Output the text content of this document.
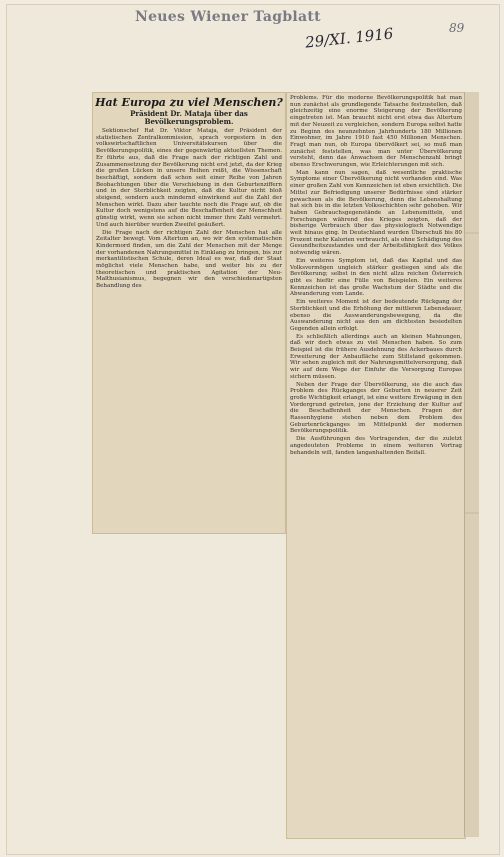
Neues Wiener Tagblatt
29/XI. 1916	89
Hat Europa zu viel Menschen?
Präsident Dr. Mataja über das Bevölkerungsproblem.

Sektionschef Rat Dr. Viktor Mataja, der Präsident der statistischen Zentralkommission, sprach vorgestern in den volkswirtschaftlichen Universitätskursen über die Bevölkerungspolitik, eines der gegenwärtig aktuellsten Themen. Er führte aus, daß die Frage nach der richtigen Zahl und Zusammensetzung der Bevölkerung nicht erst jetzt, da der Krieg die großen Lücken in unsere Reihen reißt, die Wissenschaft beschäftigt, sondern daß schon seit einer Reihe von Jahren Beobachtungen über die Verschiebung in den Geburtenziffern und in der Sterblichkeit zeigten, daß die Kultur nicht bloß steigend, sondern auch mindernd einwirkend auf die Zahl der Menschen wirkt. Dazu aber tauchte noch die Frage auf, ob die Kultur doch wenigstens auf die Beschaffenheit der Menschheit günstig wirkt, wenn sie schon nicht immer ihre Zahl vermehrt. Und auch hierüber wurden Zweifel geäußert.

Die Frage nach der richtigen Zahl der Menschen hat alle Zeitalter bewegt. Vom Altertum an, wo wir den systematischen Kindermord finden, um die Zahl der Menschen mit der Menge der vorhandenen Nahrungsmittel in Einklang zu bringen, bis zur merkantilistischen Schule, deren Ideal es war, daß der Staat möglichst viele Menschen habe, und weiter bis zu der theoretischen und praktischen Agitation der Neu-Malthusianismus, begegnen wir den verschiedenartigsten Behandlung des

Problems. Für die moderne Bevölkerungspolitik hat man nun zunächst als grundlegende Tatsache festzustellen, daß gleichzeitig eine enorme Steigerung der Bevölkerung eingetreten ist. Man braucht nicht erst etwa das Altertum mit der Neuzeit zu vergleichen, sondern Europa selbst hatte zu Beginn des neunzehnten Jahrhunderts 180 Millionen Einwohner, im Jahre 1910 fast 450 Millionen Menschen. Fragt man nun, ob Europa übervölkert sei, so muß man zunächst feststellen, was man unter Übervölkerung versteht, denn das Anwachsen der Menschenzahl bringt ebenso Erschwerungen, wie Erleichterungen mit sich.

Man kann nun sagen, daß wesentliche praktische Symptome einer Übervölkerung nicht vorhanden sind. Was einer großen Zahl von Kennzeichen ist eben ersichtlich. Die Mittel zur Befriedigung unserer Bedürfnisse sind stärker gewachsen als die Bevölkerung, denn die Lebenshaltung hat sich bis in die letzten Volksschichten sehr gehoben. Wir haben Gebrauchsgegenstände an Lebensmitteln, und Forschungen während des Krieges zeigten, daß der bisherige Verbrauch über das physiologisch Notwendige weit hinaus ging. In Deutschland wurden Überschuß bis 80 Prozent mehr Kalorien verbraucht, als ohne Schädigung des Gesundheitszustandes und der Arbeitsfähigkeit des Volkes notwendig wären.

Ein weiteres Symptom ist, daß das Kapital und das Volksvermögen ungleich stärker gestiegen sind als die Bevölkerung; selbst in den nicht allzu reichen Österreich gibt es hiefür eine Fülle von Beispielen. Ein weiteres Kennzeichen ist das große Wachstum der Städte und die Abwanderung vom Lande.

Ein weiteres Moment ist der bedeutende Rückgang der Sterblichkeit und die Erhöhung der mittleren Lebensdauer, ebenso die Auswanderungsbewegung, da die Auswanderung nicht aus den am dichtesten besiedelten Gegenden allein erfolgt.

Es schließlich allerdings auch an kleinen Mahnungen, daß wir doch etwas zu viel Menschen haben. So zum Beispiel ist die frühere Ausdehnung des Ackerbaues durch Erweiterung der Anbaufläche zum Stillstand gekommen. Wir sehen zugleich mit der Nahrungsmittelversorgung, daß wir auf dem Wege der Einfuhr die Versorgung Europas sichern müssen.

Neben der Frage der Übervölkerung, sie die auch das Problem des Rückganges der Geburten in neuerer Zeit große Wichtigkeit erlangt, ist eine weitere Erwägung in den Vordergrund getreten, jene der Erziehung der Kultur auf die Beschaffenheit der Menschen. Fragen der Rassenhygiene stehen neben dem Problem des Geburtenrückganges im Mittelpunkt der modernen Bevölkerungspolitik.

Die Ausführungen des Vortragenden, der die zuletzt angedeuteten Probleme in einem weiteren Vortrag behandeln will, fanden langanhaltenden Beifall.
